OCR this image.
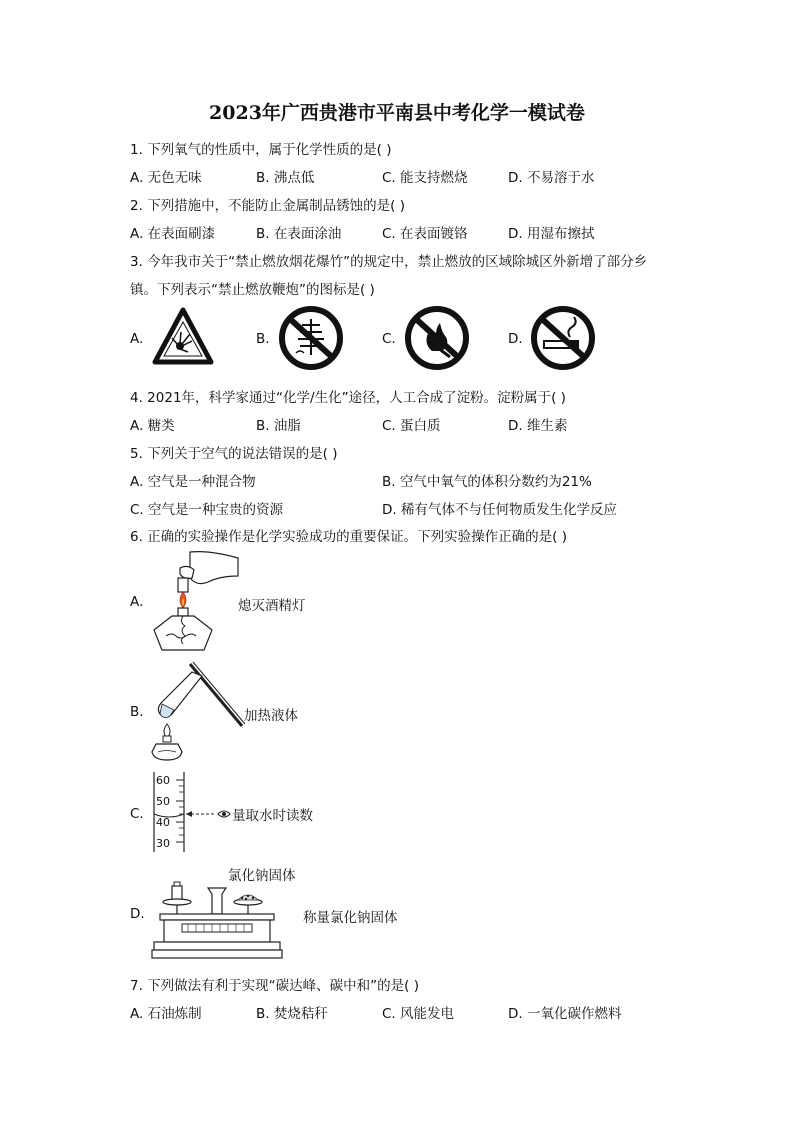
2023年广西贵港市平南县中考化学一模试卷
1. 下列氧气的性质中，属于化学性质的是( )
A. 无色无味	B. 沸点低	C. 能支持燃烧	D. 不易溶于水
2. 下列措施中，不能防止金属制品锈蚀的是( )
A. 在表面刷漆	B. 在表面涂油	C. 在表面镀铬	D. 用湿布擦拭
3. 今年我市关于“禁止燃放烟花爆竹”的规定中，禁止燃放的区域除城区外新增了部分乡
镇。下列表示“禁止燃放鞭炮”的图标是( )
A.	B.	C.	D.
4. 2021年，科学家通过“化学/生化”途径，人工合成了淀粉。淀粉属于( )
A. 糖类	B. 油脂	C. 蛋白质	D. 维生素
5. 下列关于空气的说法错误的是( )
A. 空气是一种混合物	B. 空气中氧气的体积分数约为21%
C. 空气是一种宝贵的资源	D. 稀有气体不与任何物质发生化学反应
6. 正确的实验操作是化学实验成功的重要保证。下列实验操作正确的是( )
A.	熄灭酒精灯
B.	加热液体
C.
60
50
40
30
量取水时读数
氯化钠固体
D.	称量氯化钠固体
7. 下列做法有利于实现“碳达峰、碳中和”的是( )
A. 石油炼制	B. 焚烧秸秆	C. 风能发电	D. 一氧化碳作燃料
